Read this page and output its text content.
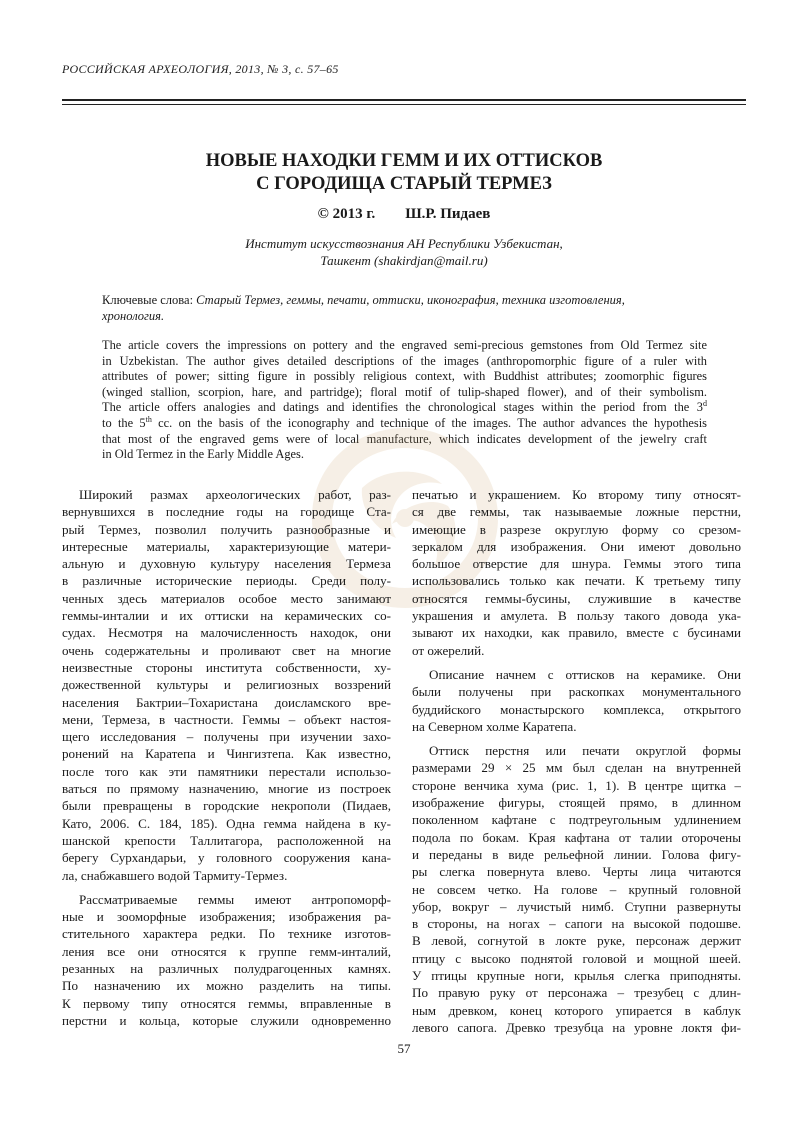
РОССИЙСКАЯ АРХЕОЛОГИЯ, 2013, № 3, с. 57–65
НОВЫЕ НАХОДКИ ГЕММ И ИХ ОТТИСКОВ
С ГОРОДИЩА СТАРЫЙ ТЕРМЕЗ
© 2013 г. Ш.Р. Пидаев
Институт искусствознания АН Республики Узбекистан,
Ташкент (shakirdjan@mail.ru)
Ключевые слова: Старый Термез, геммы, печати, оттиски, иконография, техника изготовления,
хронология.
The article covers the impressions on pottery and the engraved semi-precious gemstones from Old Termez site
in Uzbekistan. The author gives detailed descriptions of the images (anthropomorphic figure of a ruler with
attributes of power; sitting figure in possibly religious context, with Buddhist attributes; zoomorphic figures
(winged stallion, scorpion, hare, and partridge); floral motif of tulip-shaped flower), and of their symbolism.
The article offers analogies and datings and identifies the chronological stages within the period from the 3$^d$
to the 5th cc. on the basis of the iconography and technique of the images. The author advances the hypothesis
that most of the engraved gems were of local manufacture, which indicates development of the jewelry craft
in Old Termez in the Early Middle Ages.
Широкий размах археологических работ, раз-
вернувшихся в последние годы на городище Ста-
рый Термез, позволил получить разнообразные и
интересные материалы, характеризующие матери-
альную и духовную культуру населения Термеза
в различные исторические периоды. Среди полу-
ченных здесь материалов особое место занимают
геммы-инталии и их оттиски на керамических со-
судах. Несмотря на малочисленность находок, они
очень содержательны и проливают свет на многие
неизвестные стороны института собственности, ху-
дожественной культуры и религиозных воззрений
населения Бактрии–Тохаристана доисламского вре-
мени, Термеза, в частности. Геммы – объект настоя-
щего исследования – получены при изучении захо-
ронений на Каратепа и Чингизтепа. Как известно,
после того как эти памятники перестали использо-
ваться по прямому назначению, многие из построек
были превращены в городские некрополи (Пидаев,
Като, 2006. С. 184, 185). Одна гемма найдена в ку-
шанской крепости Таллитагора, расположенной на
берегу Сурхандарьи, у головного сооружения кана-
ла, снабжавшего водой Тармиту-Термез.
Рассматриваемые геммы имеют антропоморф-
ные и зооморфные изображения; изображения ра-
стительного характера редки. По технике изготов-
ления все они относятся к группе гемм-инталий,
резанных на различных полудрагоценных камнях.
По назначению их можно разделить на типы.
К первому типу относятся геммы, вправленные в
перстни и кольца, которые служили одновременно
печатью и украшением. Ко второму типу относят-
ся две геммы, так называемые ложные перстни,
имеющие в разрезе округлую форму со срезом-
зеркалом для изображения. Они имеют довольно
большое отверстие для шнура. Геммы этого типа
использовались только как печати. К третьему типу
относятся геммы-бусины, служившие в качестве
украшения и амулета. В пользу такого довода ука-
зывают их находки, как правило, вместе с бусинами
от ожерелий.
Описание начнем с оттисков на керамике. Они
были получены при раскопках монументального
буддийского монастырского комплекса, открытого
на Северном холме Каратепа.
Оттиск перстня или печати округлой формы
размерами 29 × 25 мм был сделан на внутренней
стороне венчика хума (рис. 1, 1). В центре щитка –
изображение фигуры, стоящей прямо, в длинном
поколенном кафтане с подтреугольным удлинением
подола по бокам. Края кафтана от талии оторочены
и переданы в виде рельефной линии. Голова фигу-
ры слегка повернута влево. Черты лица читаются
не совсем четко. На голове – крупный головной
убор, вокруг – лучистый нимб. Ступни развернуты
в стороны, на ногах – сапоги на высокой подошве.
В левой, согнутой в локте руке, персонаж держит
птицу с высоко поднятой головой и мощной шеей.
У птицы крупные ноги, крылья слегка приподняты.
По правую руку от персонажа – трезубец с длин-
ным древком, конец которого упирается в каблук
левого сапога. Древко трезубца на уровне локтя фи-
57
